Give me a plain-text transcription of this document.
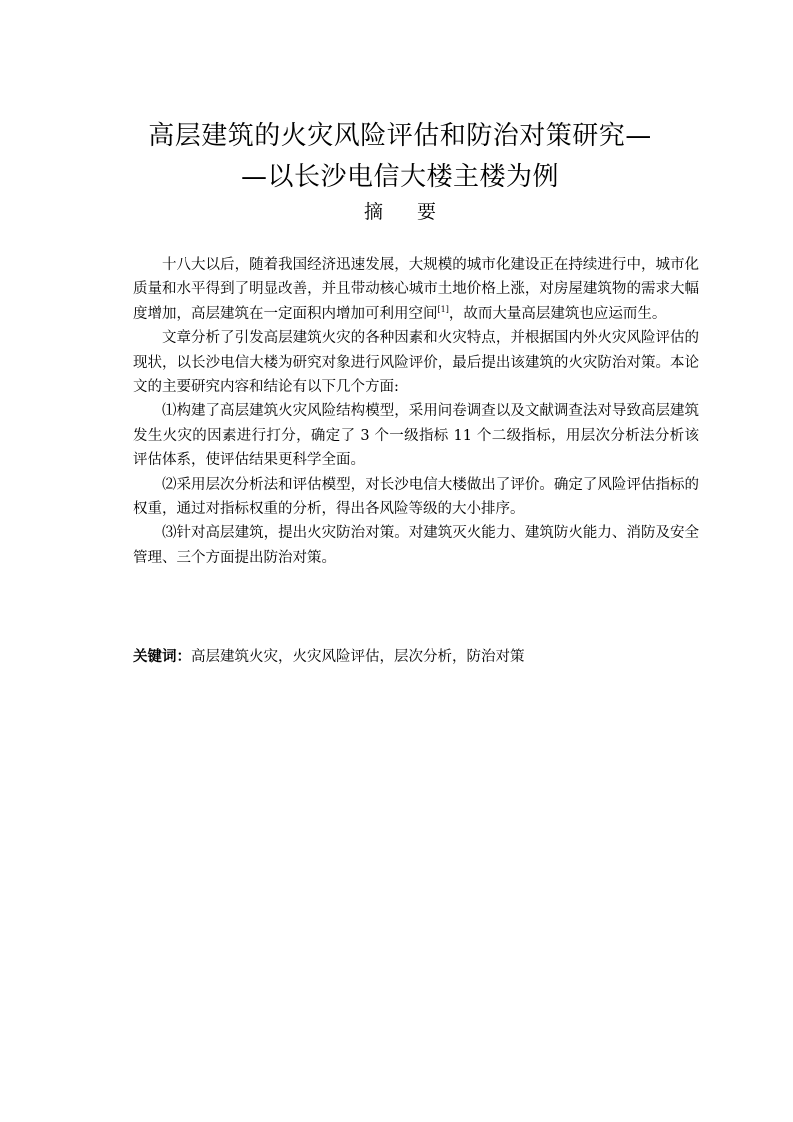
高层建筑的火灾风险评估和防治对策研究—
—以长沙电信大楼主楼为例
摘 要

十八大以后，随着我国经济迅速发展，大规模的城市化建设正在持续进行中，城市化质量和水平得到了明显改善，并且带动核心城市土地价格上涨，对房屋建筑物的需求大幅度增加，高层建筑在一定面积内增加可利用空间[1]，故而大量高层建筑也应运而生。

文章分析了引发高层建筑火灾的各种因素和火灾特点，并根据国内外火灾风险评估的现状，以长沙电信大楼为研究对象进行风险评价，最后提出该建筑的火灾防治对策。本论文的主要研究内容和结论有以下几个方面:

⑴构建了高层建筑火灾风险结构模型，采用问卷调查以及文献调查法对导致高层建筑发生火灾的因素进行打分，确定了 3 个一级指标 11 个二级指标，用层次分析法分析该评估体系，使评估结果更科学全面。

⑵采用层次分析法和评估模型，对长沙电信大楼做出了评价。确定了风险评估指标的权重，通过对指标权重的分析，得出各风险等级的大小排序。

⑶针对高层建筑，提出火灾防治对策。对建筑灭火能力、建筑防火能力、消防及安全管理、三个方面提出防治对策。

关键词：高层建筑火灾，火灾风险评估，层次分析，防治对策
